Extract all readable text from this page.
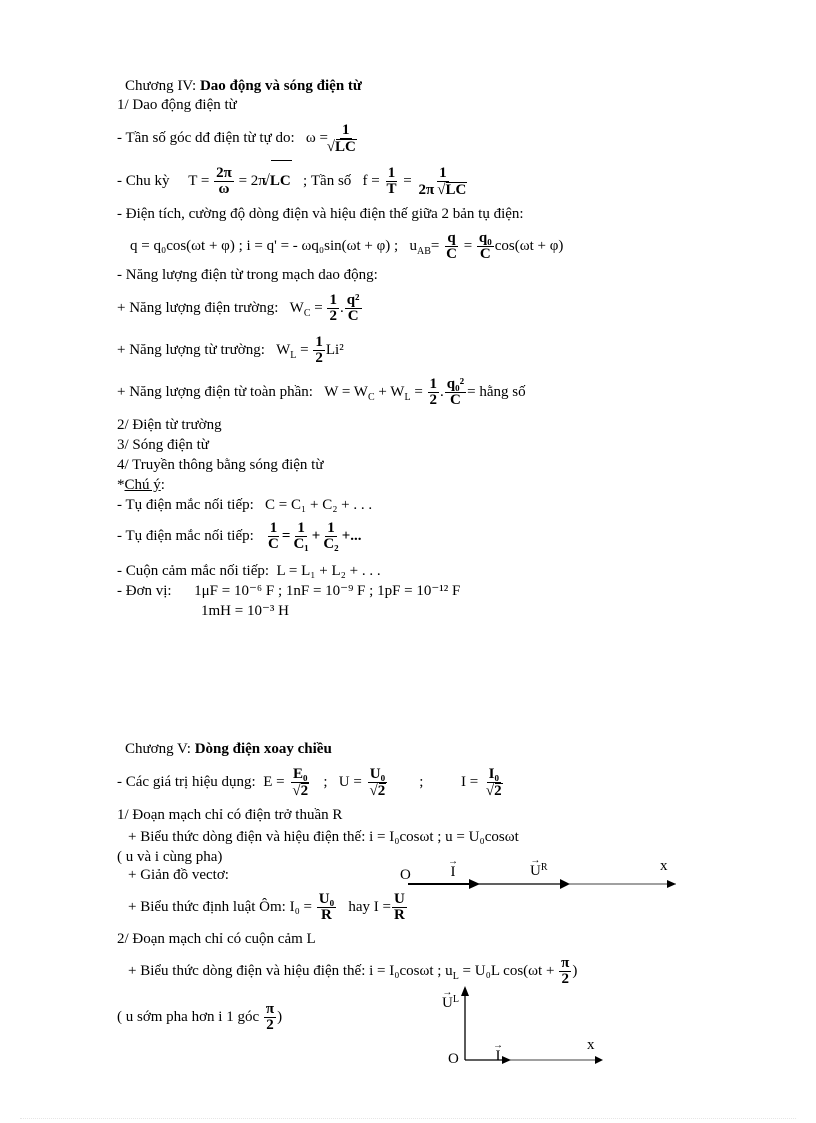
Chương IV: Dao động và sóng điện từ
1/ Dao động điện từ
- Tần số góc dđ điện từ tự do: ω = 1
√ LC
- Chu kỳ $T = \frac{2\pi}{\omega} = 2\pi$ √ LC ; Tần số $f = \frac{1}{T} = \frac{1}{2\pi √ LC}$
- Điện tích, cường độ dòng điện và hiệu điện thế giữa 2 bản tụ điện:
q = q₀cos(ωt + φ) ; i = q' = - ωq₀sin(ωt + φ) ; $u_{AB}= \frac{q}{C} = \frac{\text{q₀}}{C} \cos(\omega t + \varphi)$
- Năng lượng điện từ trong mạch dao động:
+ Năng lượng điện trường: $W_C = \frac{1}{2}$ . $\frac{\text{q²}}{C}$
+ Năng lượng từ trường: $W_L = \frac{1}{2} Li^2$
+ Năng lượng điện từ toàn phần: $W = W_C + W_L = \frac{1}{2}$ . $\frac{\text{q₀²}}{C}$ = hằng số
2/ Điện từ trường
3/ Sóng điện từ
4/ Truyền thông bằng sóng điện từ
*Chú ý:
- Tụ điện mắc nối tiếp: C = C₁ + C₂ + . . .
- Tụ điện mắc nối tiếp: $\frac{1}{C} = \frac{1}{\text{C₁}} + \frac{1}{\text{C₂}}$ +...
- Cuộn cảm mắc nối tiếp: L = L₁ + L₂ + . . .
- Đơn vị: 1μF = 10⁻⁶ F ; 1nF = 10⁻⁹ F ; 1pF = 10⁻¹² F
1mH = 10⁻³ H
Chương V: Dòng điện xoay chiều
- Các giá trị hiệu dụng: E = E₀
√ 2 ; U = U₀
√ 2 ;	I = I₀
√ 2
1/ Đoạn mạch chỉ có điện trở thuần R
+ Biểu thức dòng điện và hiệu điện thế: i = I₀cosωt ; u = U₀cosωt
( u và i cùng pha)
+ Giản đồ vectơ:	O
→
I
→
U $_R$	x
+ Biểu thức định luật Ôm: $I_0 = \frac{\text{U₀}}{R}$ hay $I = \frac{U}{R}$
2/ Đoạn mạch chỉ có cuộn cảm L
+ Biểu thức dòng điện và hiệu điện thế: i = I₀cosωt ; $u_L = U_0L$ $\cos(\omega t + \frac{\pi}{2}$ )
( u sớm pha hơn i 1 góc $\frac{\pi}{2}$ )
→
U $_L$
O
→
I
x
